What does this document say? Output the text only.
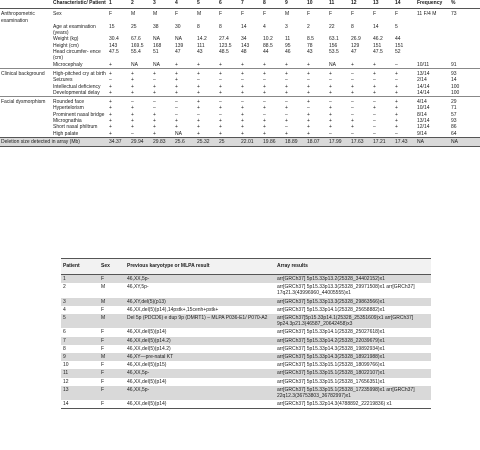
	Characteristic/ Patient	1	2	3	4	5	6	7	8	9	10	11	12	13	14	Frequency	%
Anthropometric examination	Sex	F	M	M	F	M	F	F	F	M	F	F	F	F	F	11 F/4 M	73
	Age at examination (years)	15	25	38	30	8	8	14	4	3	2	22	8	14	5		
	Weight (kg)	30.4	67.6	NA	NA	14.2	27.4	34	10.2	11	8.5	63.1	26.9	46.2	44		
	Height (cm)	143	169.5	168	139	111	123.5	143	88.5	95	78	156	129	151	151		
	Head circumfer- ence (cm)	47.5	55.4	51	47	43	48.5	48	44	46	43	53.5	47	47.5	52		
	Microcephaly	+	NA	NA	+	+	+	+	+	+	+	NA	+	+	–	10/11	91
Clinical background	High-pitched cry at birth	+	+	+	+	+	+	+	+	+	+	+	–	+	+	13/14	93
	Seizures	–	+	–	+	–	–	–	–	–	–	–	–	–	–	2/14	14
	Intellectual deficiency	+	+	+	+	+	+	+	+	+	+	+	+	+	+	14/14	100
	Developmental delay	+	+	+	+	+	+	+	+	+	+	+	+	+	+	14/14	100
Facial dysmorphism	Rounded face	+	–	–	–	+	–	–	–	–	+	–	–	–	+	4/14	29
	Hypertelorism	+	+	–	–	+	+	+	+	+	–	+	–	+	+	10/14	71
	Prominent nasal bridge	+	+	+	–	–	–	+	–	–	+	+	–	–	+	8/14	57
	Micrognathia	+	+	+	+	+	+	+	+	+	+	+	+	–	+	13/14	93
	Short nasal philtrum	+	+	+	+	+	+	+	+	–	+	+	+	–	+	12/14	86
	High palate	+	–	+	NA	+	+	+	+	+	+	–	–	–	–	9/14	64
Deletion size detected in array (Mb)		34.37	29.94	29.83	25.6	25.32	25	22.01	19.86	18.89	18.07	17.99	17.63	17.21	17.43	NA	NA
Patient	Sex	Previous karyotype or MLPA result	Array results
1	F	46,XX,5p-	arr[GRCh37] 5p15.33p13.2(25328_34402152)x1
2	M	46,XY,5p-	arr[GRCh37] 5p15.33p13.3(25328_29971508)x1 arr[GRCh37] 17q21.3(43996960_44005555)x1
3	M	46,XY,del(5)(p13)	arr[GRCh37] 5p15.33p13.3(25328_29863566)x1
4	F	46,XX,del(5)(p14),14pstk+,15cenh+pstk+	arr[GRCh37] 5p15.33p14.1(25328_25658882)x1
5	M	Del 5p (PDCD6) e dup 9p (DMRT1) – MLPA P036-E1/ P070-A2	arr[GRCh37]5p15.33p14.1(25328_25351609)x1 arr[GRCh37] 9p24.3p21.3(46587_20642458)x3
6	F	46,XX,del(5)(p14)	arr[GRCh37] 5p15.33p14.1(25328_25027618)x1
7	F	46,XX,del(5)(p14.2)	arr[GRCh37] 5p15.33p14.2(25328_22039679)x1
8	F	46,XX,del(5)(p14.2)	arr[GRCh37] 5p15.33p14.3(25328_19892934)x1
9	M	46,XY—pre-natal KT	arr[GRCh37] 5p15.33p14.3(25328_18921988)x1
10	F	46,XX,del(5)(p15)	arr[GRCh37] 5p15.33p15.1(25328_18099766)x1
11	F	46,XX,5p-	arr[GRCh37] 5p15.33p15.1(25328_18022107)x1
12	F	46,XX,del(5)(p14)	arr[GRCh37] 5p15.33p15.1(25328_17656351)x1
13	F	46,XX,5p-	arr[GRCh37] 5p15.33p15.1(25328_17235998)x1 arr[GRCh37] 22q12.3(36753803_36782997)x1
14	F	46,XX,del(5)(p14)	arr[GRCh37] 5p15.32p14.3(4788892_22219836) x1
